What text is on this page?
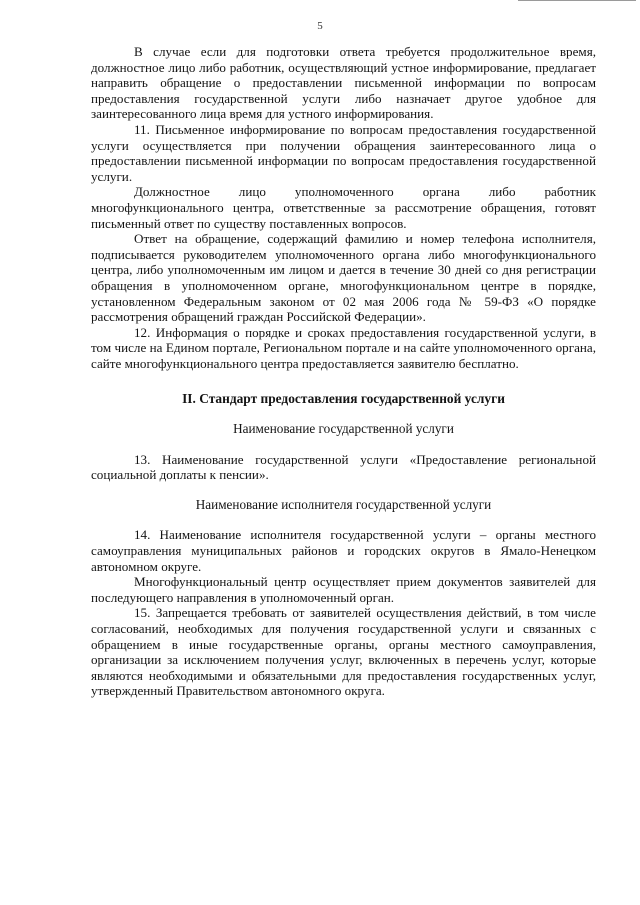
5

В случае если для подготовки ответа требуется продолжительное время, должностное лицо либо работник, осуществляющий устное информирование, предлагает направить обращение о предоставлении письменной информации по вопросам предоставления государственной услуги либо назначает другое удобное для заинтересованного лица время для устного информирования.

11. Письменное информирование по вопросам предоставления государственной услуги осуществляется при получении обращения заинтересованного лица о предоставлении письменной информации по вопросам предоставления государственной услуги.

Должностное лицо уполномоченного органа либо работник многофункционального центра, ответственные за рассмотрение обращения, готовят письменный ответ по существу поставленных вопросов.

Ответ на обращение, содержащий фамилию и номер телефона исполнителя, подписывается руководителем уполномоченного органа либо многофункционального центра, либо уполномоченным им лицом и дается в течение 30 дней со дня регистрации обращения в уполномоченном органе, многофункциональном центре в порядке, установленном Федеральным законом от 02 мая 2006 года № 59-ФЗ «О порядке рассмотрения обращений граждан Российской Федерации».

12. Информация о порядке и сроках предоставления государственной услуги, в том числе на Едином портале, Региональном портале и на сайте уполномоченного органа, сайте многофункционального центра предоставляется заявителю бесплатно.

II. Стандарт предоставления государственной услуги
Наименование государственной услуги

13. Наименование государственной услуги «Предоставление региональной социальной доплаты к пенсии».

Наименование исполнителя государственной услуги

14. Наименование исполнителя государственной услуги – органы местного самоуправления муниципальных районов и городских округов в Ямало-Ненецком автономном округе.

Многофункциональный центр осуществляет прием документов заявителей для последующего направления в уполномоченный орган.

15. Запрещается требовать от заявителей осуществления действий, в том числе согласований, необходимых для получения государственной услуги и связанных с обращением в иные государственные органы, органы местного самоуправления, организации за исключением получения услуг, включенных в перечень услуг, которые являются необходимыми и обязательными для предоставления государственных услуг, утвержденный Правительством автономного округа.
